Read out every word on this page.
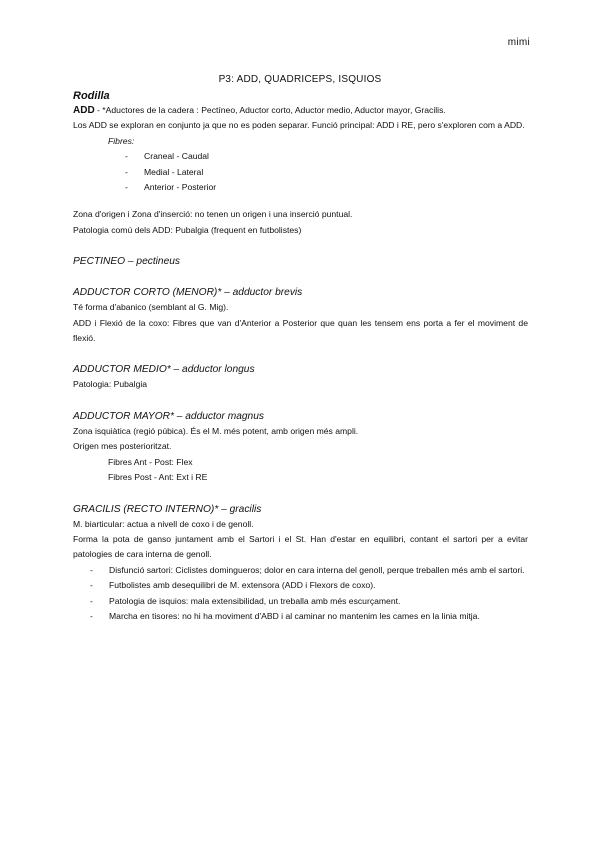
mimi
P3: ADD, QUADRICEPS, ISQUIOS
Rodilla

ADD - *Aductores de la cadera : Pectíneo, Aductor corto, Aductor medio, Aductor mayor, Gracilis.

Los ADD se exploran en conjunto ja que no es poden separar. Funció principal: ADD i RE, pero s'exploren com a ADD.

Fibres:

- Craneal - Caudal
- Medial - Lateral
- Anterior - Posterior

Zona d'origen i Zona d'inserció: no tenen un origen i una inserció puntual.

Patologia comú dels ADD: Pubalgia (frequent en futbolistes)

PECTINEO – pectineus
ADDUCTOR CORTO (MENOR)* – adductor brevis

Té forma d'abanico (semblant al G. Mig).

ADD i Flexió de la coxo: Fibres que van d'Anterior a Posterior que quan les tensem ens porta a fer el moviment de flexió.

ADDUCTOR MEDIO* – adductor longus

Patologia: Pubalgia

ADDUCTOR MAYOR* – adductor magnus

Zona isquiàtica (regió púbica). És el M. més potent, amb origen més ampli.

Origen mes posterioritzat.

Fibres Ant - Post: Flex

Fibres Post - Ant: Ext i RE

GRACILIS (RECTO INTERNO)* – gracilis

M. biarticular: actua a nivell de coxo i de genoll.

Forma la pota de ganso juntament amb el Sartori i el St. Han d'estar en equilibri, contant el sartori per a evitar patologies de cara interna de genoll.

- Disfunció sartori: Ciclistes domingueros; dolor en cara interna del genoll, perque treballen més amb el sartori.
- Futbolistes amb desequilibri de M. extensora (ADD i Flexors de coxo).
- Patologia de isquios: mala extensibilidad, un treballa amb més escurçament.
- Marcha en tisores: no hi ha moviment d'ABD i al caminar no mantenim les cames en la linia mitja.
